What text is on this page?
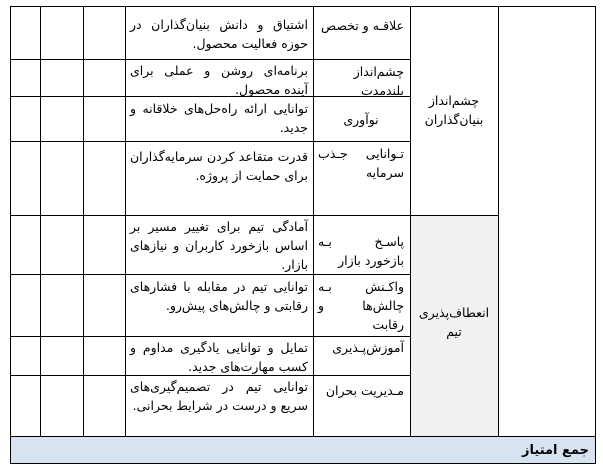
چشم‌انداز بنیان‌گذاران
انعطاف‌پذیری تیم
علاقـه و تخصص
اشتیاق و دانش بنیان‌گذاران در حوزه فعالیت محصول.
چشم‌انداز بلندمدت
برنامه‌ای روشن و عملی برای آینده محصول.
نوآوری
توانایی ارائه راه‌حل‌های خلاقانه و جدید.
تـوانایی جـذب سرمایه
قدرت متقاعد کردن سرمایه‌گذاران برای حمایت از پروژه.
پاسـخ بـه بازخورد بازار
آمادگی تیم برای تغییر مسیر بر اساس بازخورد کاربران و نیازهای بازار.
واکـنش بـه چالش‌ها و رقابت
توانایی تیم در مقابله با فشارهای رقابتی و چالش‌های پیش‌رو.
آموزش‌پـذیری
تمایل و توانایی یادگیری مداوم و کسب مهارت‌های جدید.
مـدیریت بحران
توانایی تیم در تصمیم‌گیری‌های سریع و درست در شرایط بحرانی.
جمع امتیاز
